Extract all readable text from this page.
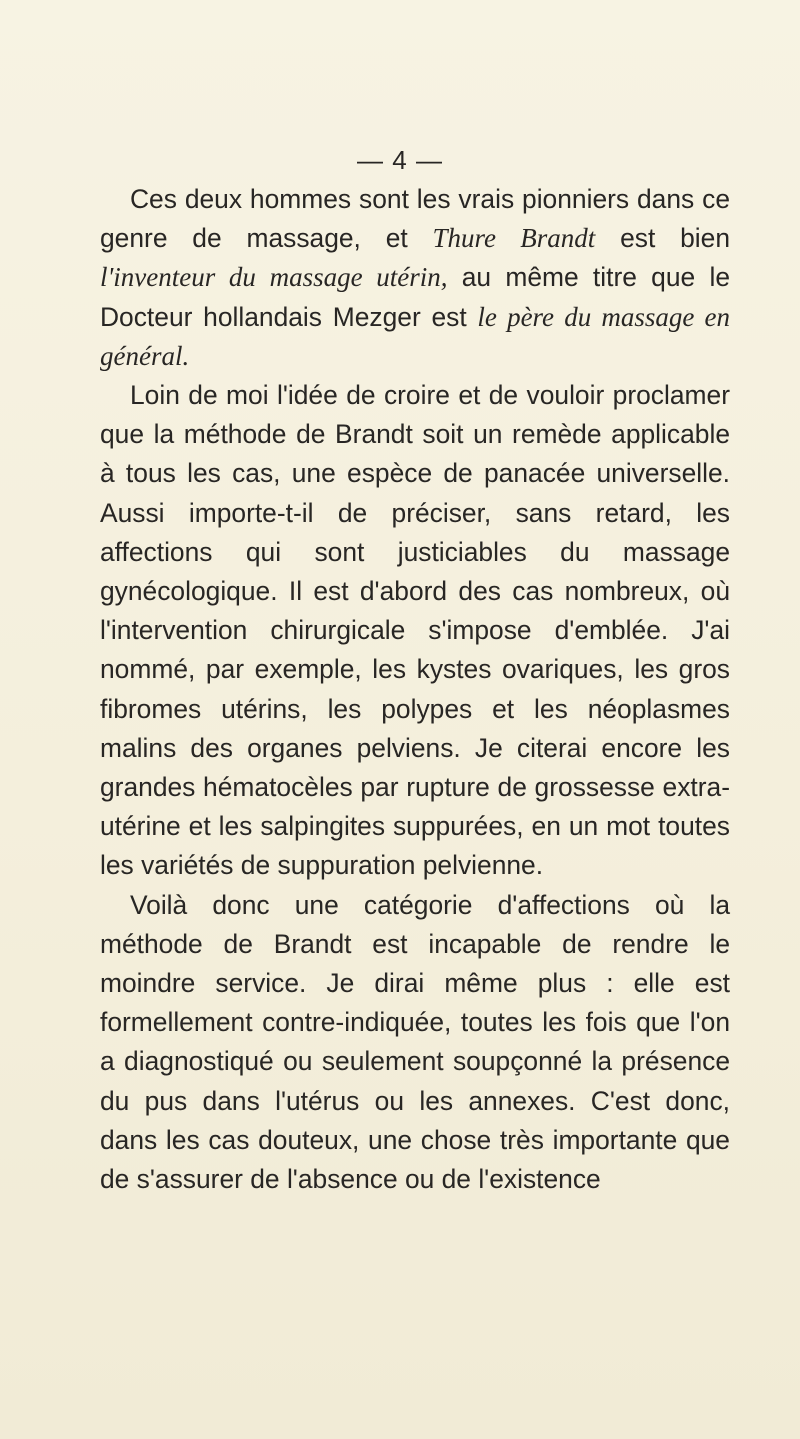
— 4 —

Ces deux hommes sont les vrais pionniers dans ce genre de massage, et Thure Brandt est bien l'inventeur du massage utérin, au même titre que le Docteur hollandais Mezger est le père du massage en général.

Loin de moi l'idée de croire et de vouloir proclamer que la méthode de Brandt soit un remède applicable à tous les cas, une espèce de panacée universelle. Aussi importe-t-il de préciser, sans retard, les affections qui sont justiciables du massage gynécologique. Il est d'abord des cas nombreux, où l'intervention chirurgicale s'impose d'emblée. J'ai nommé, par exemple, les kystes ovariques, les gros fibromes utérins, les polypes et les néoplasmes malins des organes pelviens. Je citerai encore les grandes hématocèles par rupture de grossesse extra-utérine et les salpingites suppurées, en un mot toutes les variétés de suppuration pelvienne.

Voilà donc une catégorie d'affections où la méthode de Brandt est incapable de rendre le moindre service. Je dirai même plus : elle est formellement contre-indiquée, toutes les fois que l'on a diagnostiqué ou seulement soupçonné la présence du pus dans l'utérus ou les annexes. C'est donc, dans les cas douteux, une chose très importante que de s'assurer de l'absence ou de l'existence
